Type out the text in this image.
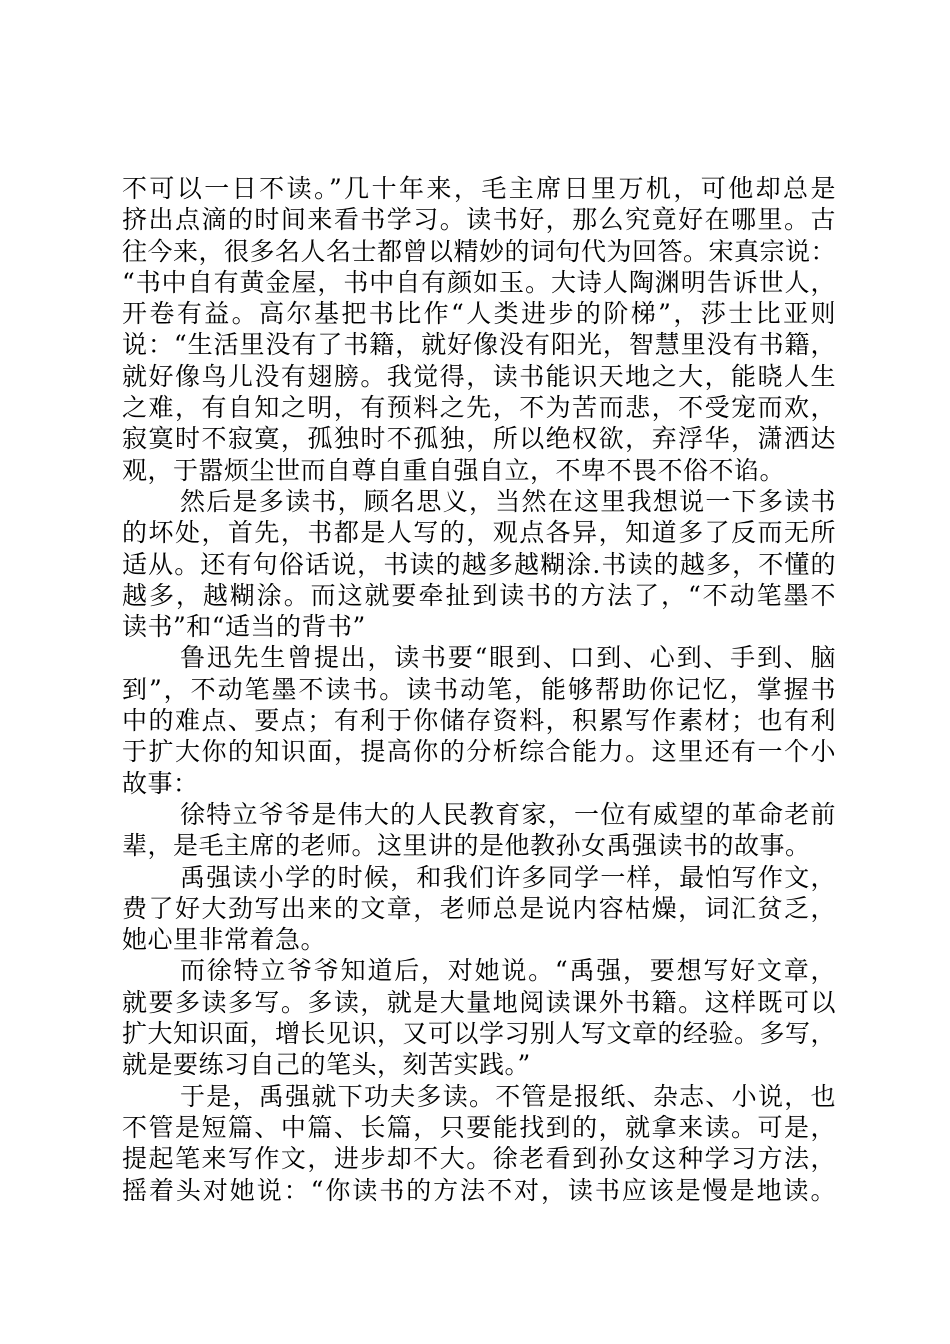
不可以一日不读。”几十年来，毛主席日里万机，可他却总是
挤出点滴的时间来看书学习。读书好，那么究竟好在哪里。古
往今来，很多名人名士都曾以精妙的词句代为回答。宋真宗说：
“书中自有黄金屋，书中自有颜如玉。大诗人陶渊明告诉世人，
开卷有益。高尔基把书比作“人类进步的阶梯”，莎士比亚则
说：“生活里没有了书籍，就好像没有阳光，智慧里没有书籍，
就好像鸟儿没有翅膀。我觉得，读书能识天地之大，能晓人生
之难，有自知之明，有预料之先，不为苦而悲，不受宠而欢，
寂寞时不寂寞，孤独时不孤独，所以绝权欲，弃浮华，潇洒达
观，于嚣烦尘世而自尊自重自强自立，不卑不畏不俗不谄。
然后是多读书，顾名思义，当然在这里我想说一下多读书
的坏处，首先，书都是人写的，观点各异，知道多了反而无所
适从。还有句俗话说，书读的越多越糊涂.书读的越多，不懂的
越多，越糊涂。而这就要牵扯到读书的方法了，“不动笔墨不
读书”和“适当的背书”
鲁迅先生曾提出，读书要“眼到、口到、心到、手到、脑
到”，不动笔墨不读书。读书动笔，能够帮助你记忆，掌握书
中的难点、要点；有利于你储存资料，积累写作素材；也有利
于扩大你的知识面，提高你的分析综合能力。这里还有一个小
故事：
徐特立爷爷是伟大的人民教育家，一位有威望的革命老前
辈，是毛主席的老师。这里讲的是他教孙女禹强读书的故事。
禹强读小学的时候，和我们许多同学一样，最怕写作文，
费了好大劲写出来的文章，老师总是说内容枯燥，词汇贫乏，
她心里非常着急。
而徐特立爷爷知道后，对她说。“禹强，要想写好文章，
就要多读多写。多读，就是大量地阅读课外书籍。这样既可以
扩大知识面，增长见识，又可以学习别人写文章的经验。多写，
就是要练习自己的笔头，刻苦实践。”
于是，禹强就下功夫多读。不管是报纸、杂志、小说，也
不管是短篇、中篇、长篇，只要能找到的，就拿来读。可是，
提起笔来写作文，进步却不大。徐老看到孙女这种学习方法，
摇着头对她说：“你读书的方法不对，读书应该是慢是地读。
